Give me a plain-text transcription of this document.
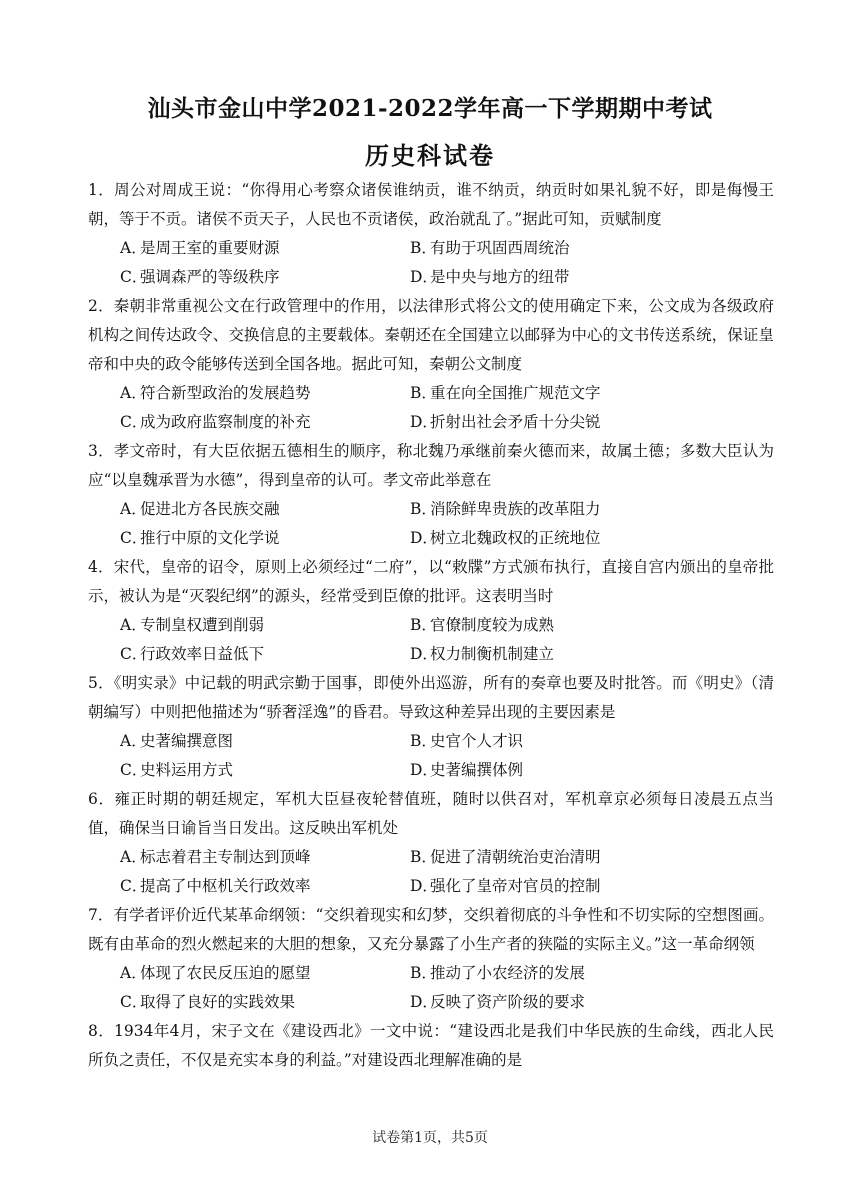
汕头市金山中学2021-2022学年高一下学期期中考试
历史科试卷

1．周公对周成王说：“你得用心考察众诸侯谁纳贡，谁不纳贡，纳贡时如果礼貌不好，即是侮慢王朝，等于不贡。诸侯不贡天子，人民也不贡诸侯，政治就乱了。”据此可知，贡赋制度

A．是周王室的重要财源	B．有助于巩固西周统治
C．强调森严的等级秩序	D．是中央与地方的纽带

2．秦朝非常重视公文在行政管理中的作用，以法律形式将公文的使用确定下来，公文成为各级政府机构之间传达政令、交换信息的主要载体。秦朝还在全国建立以邮驿为中心的文书传送系统，保证皇帝和中央的政令能够传送到全国各地。据此可知，秦朝公文制度

A．符合新型政治的发展趋势	B．重在向全国推广规范文字
C．成为政府监察制度的补充	D．折射出社会矛盾十分尖锐

3．孝文帝时，有大臣依据五德相生的顺序，称北魏乃承继前秦火德而来，故属土德；多数大臣认为应“以皇魏承晋为水德”，得到皇帝的认可。孝文帝此举意在

A．促进北方各民族交融	B．消除鲜卑贵族的改革阻力
C．推行中原的文化学说	D．树立北魏政权的正统地位

4．宋代，皇帝的诏令，原则上必须经过“二府”，以“敕牒”方式颁布执行，直接自宫内颁出的皇帝批示，被认为是“灭裂纪纲”的源头，经常受到臣僚的批评。这表明当时

A．专制皇权遭到削弱	B．官僚制度较为成熟
C．行政效率日益低下	D．权力制衡机制建立

5．《明实录》中记载的明武宗勤于国事，即使外出巡游，所有的奏章也要及时批答。而《明史》（清朝编写）中则把他描述为“骄奢淫逸”的昏君。导致这种差异出现的主要因素是

A．史著编撰意图	B．史官个人才识
C．史料运用方式	D．史著编撰体例

6．雍正时期的朝廷规定，军机大臣昼夜轮替值班，随时以供召对，军机章京必须每日凌晨五点当值，确保当日谕旨当日发出。这反映出军机处

A．标志着君主专制达到顶峰	B．促进了清朝统治吏治清明
C．提高了中枢机关行政效率	D．强化了皇帝对官员的控制

7．有学者评价近代某革命纲领：“交织着现实和幻梦，交织着彻底的斗争性和不切实际的空想图画。既有由革命的烈火燃起来的大胆的想象，又充分暴露了小生产者的狭隘的实际主义。”这一革命纲领

A．体现了农民反压迫的愿望	B．推动了小农经济的发展
C．取得了良好的实践效果	D．反映了资产阶级的要求

8．1934年4月，宋子文在《建设西北》一文中说：“建设西北是我们中华民族的生命线，西北人民所负之责任，不仅是充实本身的利益。”对建设西北理解准确的是

试卷第1页，共5页
